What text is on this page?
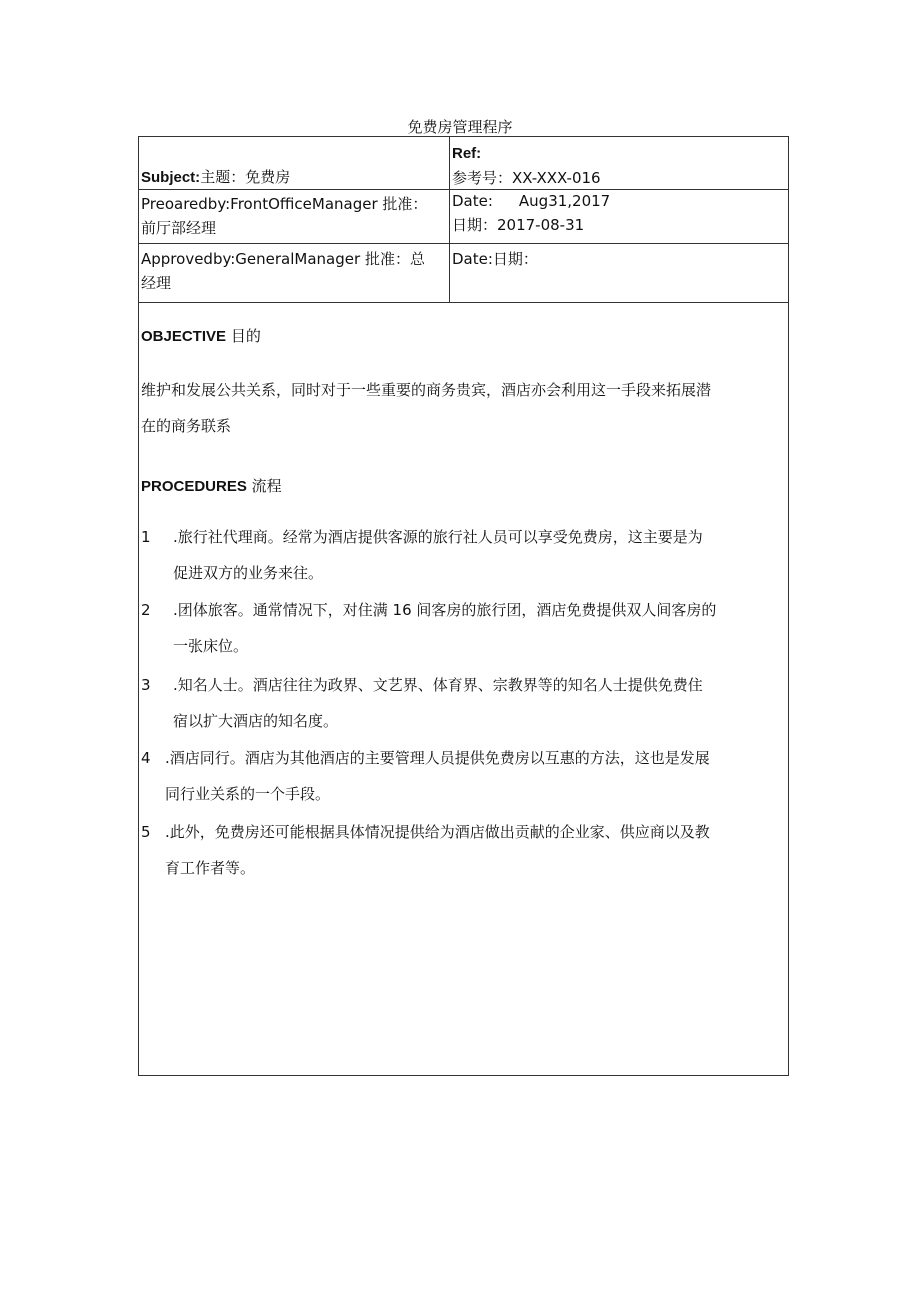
免费房管理程序
Subject:主题：免费房
Ref:
参考号：XX-XXX-016
Preoaredby:FrontOfficeManager 批准：
前厅部经理
Date: Aug31,2017
日期：2017-08-31
Approvedby:GeneralManager 批准：总
经理
Date:日期：
OBJECTIVE 目的
维护和发展公共关系，同时对于一些重要的商务贵宾，酒店亦会利用这一手段来拓展潜
在的商务联系
PROCEDURES 流程
1 .旅行社代理商。经常为酒店提供客源的旅行社人员可以享受免费房，这主要是为
促进双方的业务来往。
2 .团体旅客。通常情况下，对住满 16 间客房的旅行团，酒店免费提供双人间客房的
一张床位。
3 .知名人士。酒店往往为政界、文艺界、体育界、宗教界等的知名人士提供免费住
宿以扩大酒店的知名度。
4 .酒店同行。酒店为其他酒店的主要管理人员提供免费房以互惠的方法，这也是发展
同行业关系的一个手段。
5 .此外，免费房还可能根据具体情况提供给为酒店做出贡献的企业家、供应商以及教
育工作者等。
